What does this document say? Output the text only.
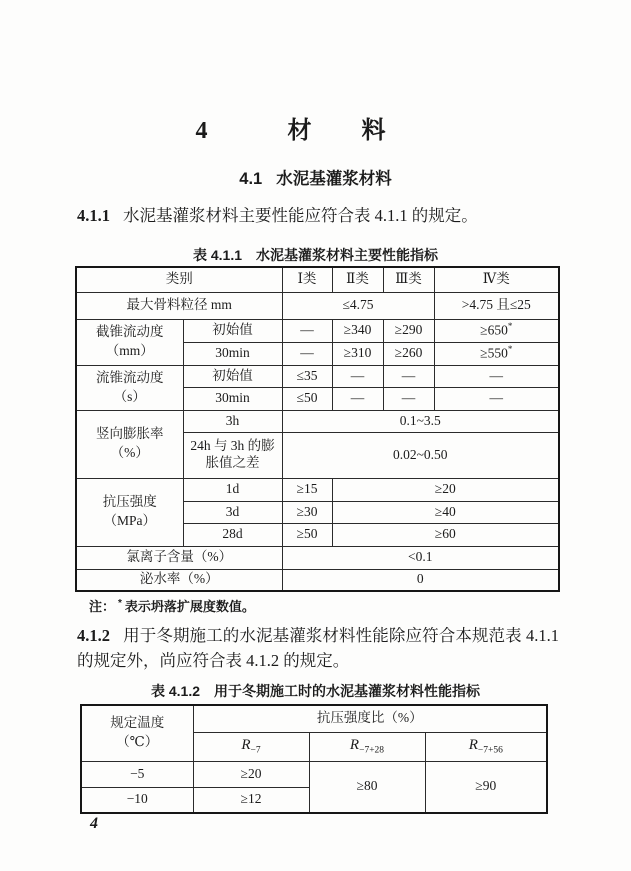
4	材料
4.1 水泥基灌浆材料

4.1.1 水泥基灌浆材料主要性能应符合表 4.1.1 的规定。

表 4.1.1　水泥基灌浆材料主要性能指标
类别		Ⅰ类	Ⅱ类	Ⅲ类	Ⅳ类
最大骨料粒径 mm		≤4.75			>4.75 且≤25

截锥流动度
（mm）	初始值	—	≥340	≥290	≥650*
	30min	—	≥310	≥260	≥550*

流锥流动度
（s）	初始值	≤35	—	—	—
	30min	≤50	—	—	—

竖向膨胀率
（%）	3h	0.1~3.5			
	24h 与 3h 的膨胀值之差	0.02~0.50			

抗压强度
（MPa）	1d	≥15	≥20		
	3d	≥30	≥40		
	28d	≥50	≥60		
氯离子含量（%）		<0.1			
泌水率（%）		0			
注： * 表示坍落扩展度数值。

4.1.2 用于冬期施工的水泥基灌浆材料性能除应符合本规范表 4.1.1 的规定外，尚应符合表 4.1.2 的规定。

表 4.1.2　用于冬期施工时的水泥基灌浆材料性能指标
规定温度
（℃）	抗压强度比（%）		
	$R_{-7}$	$R_{-7+28}$	$R_{-7+56}$
−5	≥20	≥80	≥90
−10	≥12		
4
